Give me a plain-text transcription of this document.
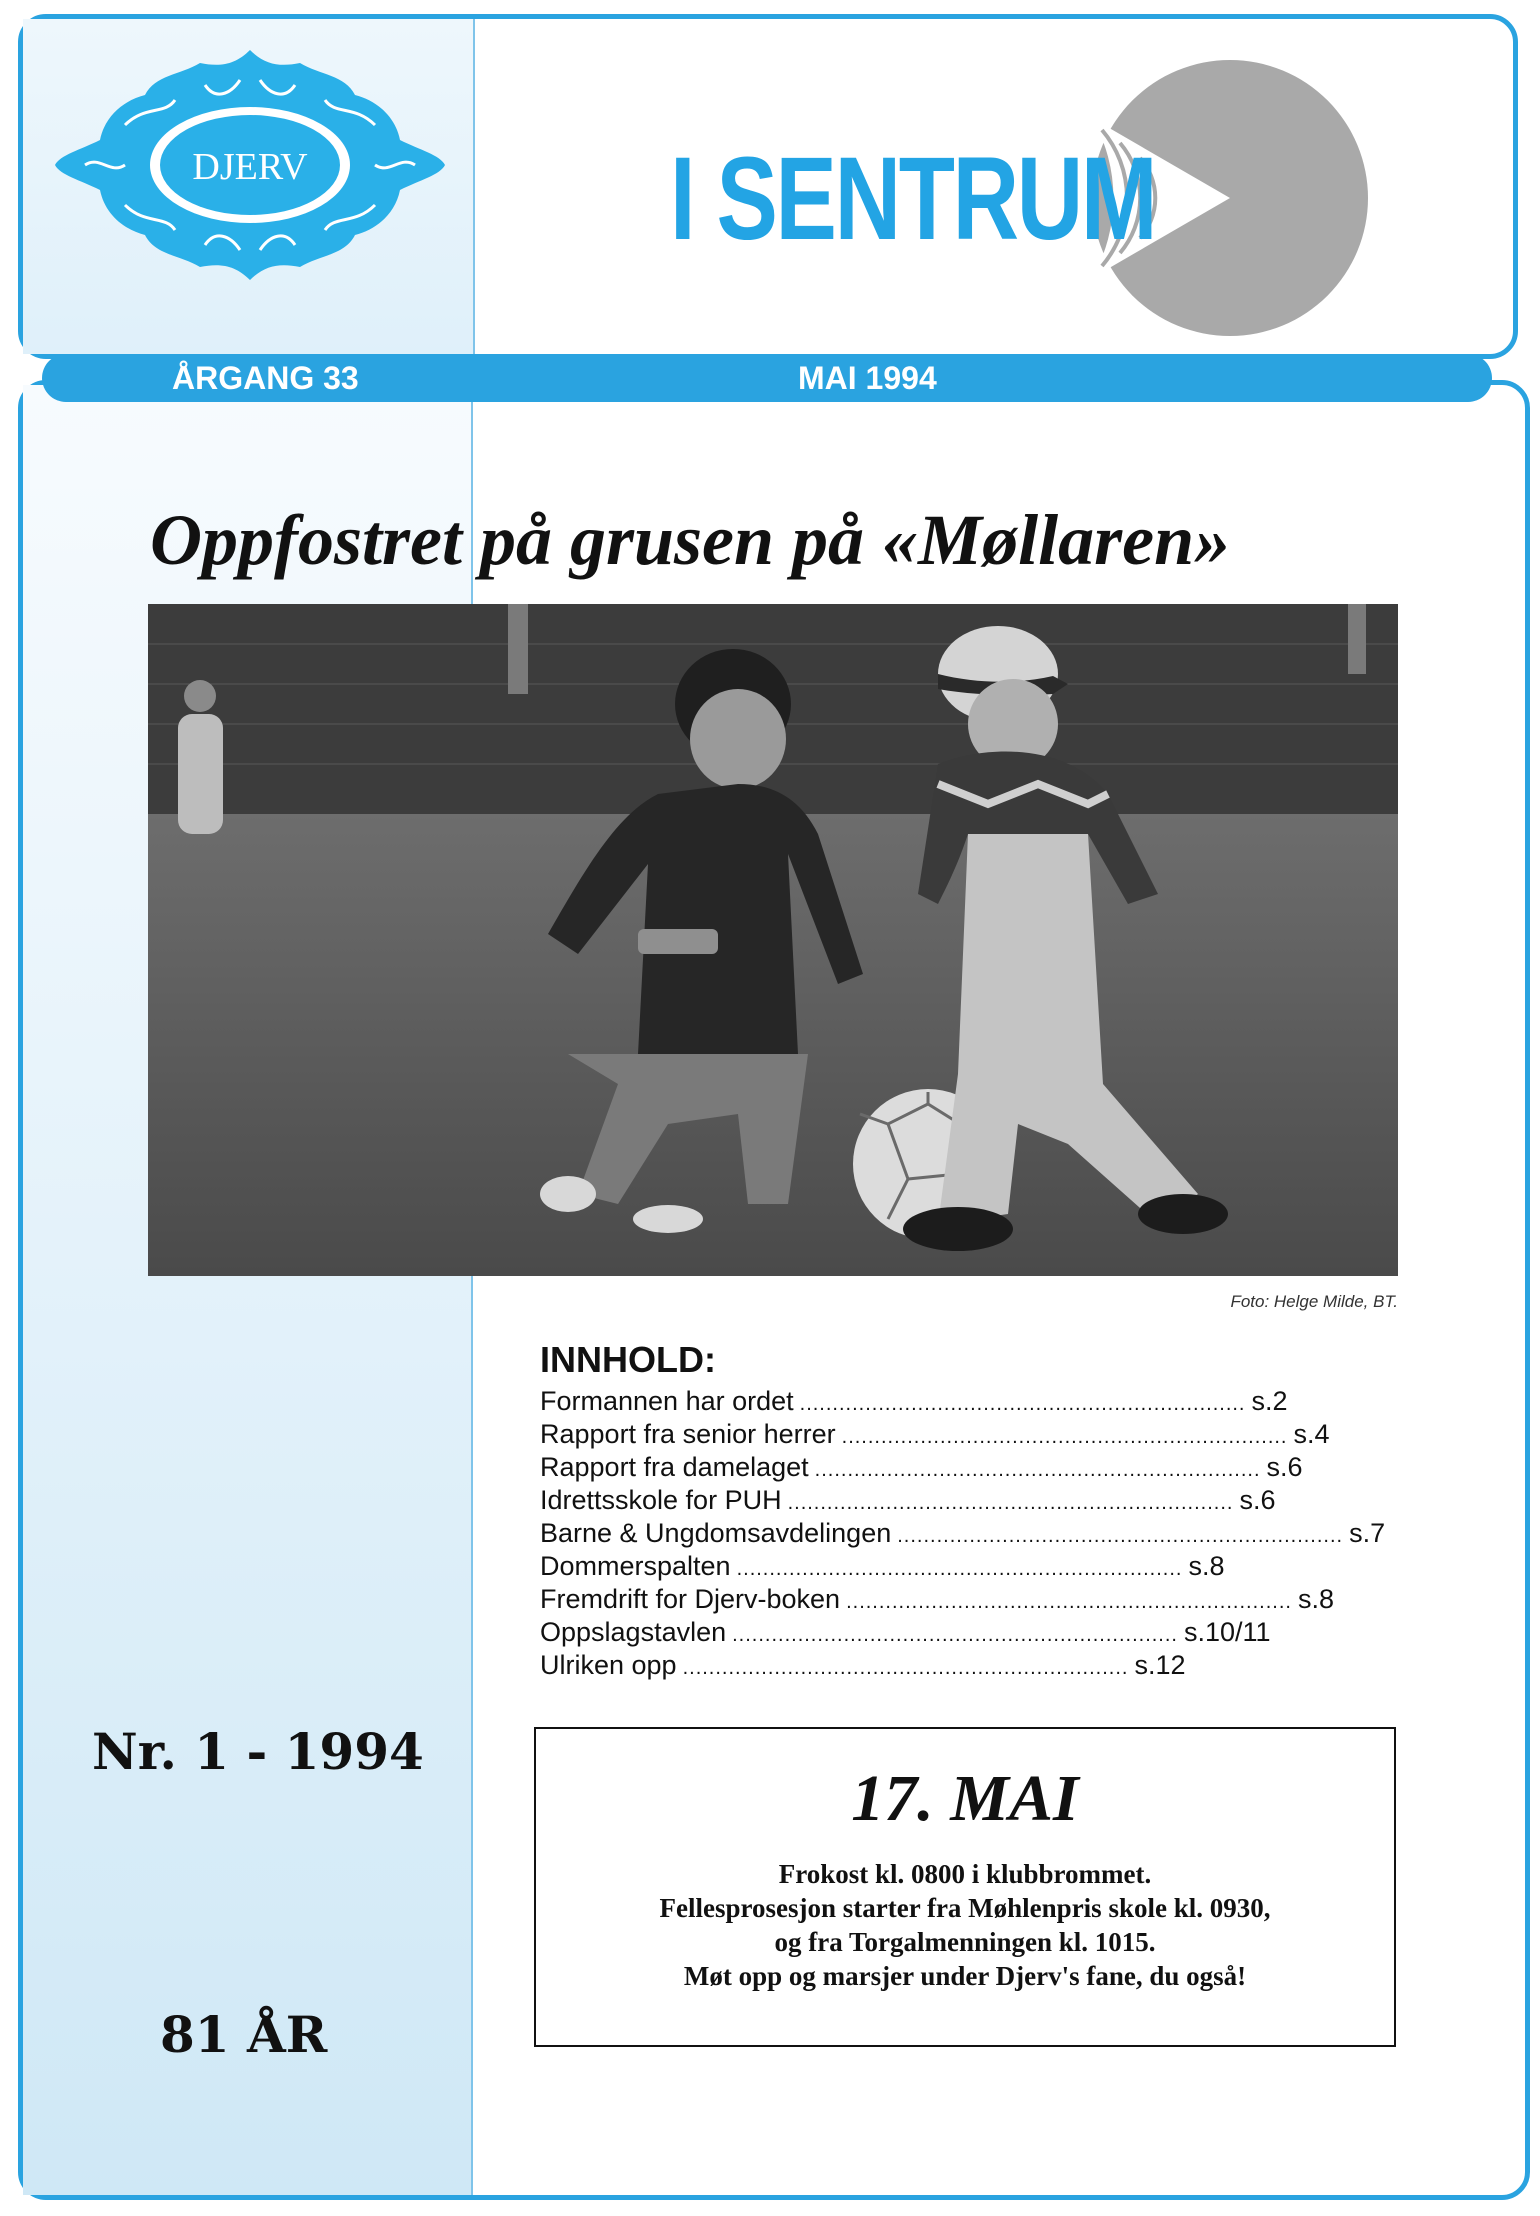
DJERV	I SENTRUM
ÅRGANG 33	MAI 1994
Oppfostret på grusen på «Møllaren»
Foto: Helge Milde, BT.
INNHOLD:
Formannen har ordet .................................................................... s. 2
Rapport fra senior herrer .................................................................... s. 4
Rapport fra damelaget .................................................................... s. 6
Idrettsskole for PUH .................................................................... s. 6
Barne & Ungdomsavdelingen .................................................................... s. 7
Dommerspalten .................................................................... s. 8
Fremdrift for Djerv-boken .................................................................... s. 8
Oppslagstavlen .................................................................... s. 10/11
Ulriken opp .................................................................... s. 12
Nr. 1 - 1994
81 ÅR
17. MAI
Frokost kl. 0800 i klubbrommet.
Fellesprosesjon starter fra Møhlenpris skole kl. 0930,
og fra Torgalmenningen kl. 1015.
Møt opp og marsjer under Djerv's fane, du også!
